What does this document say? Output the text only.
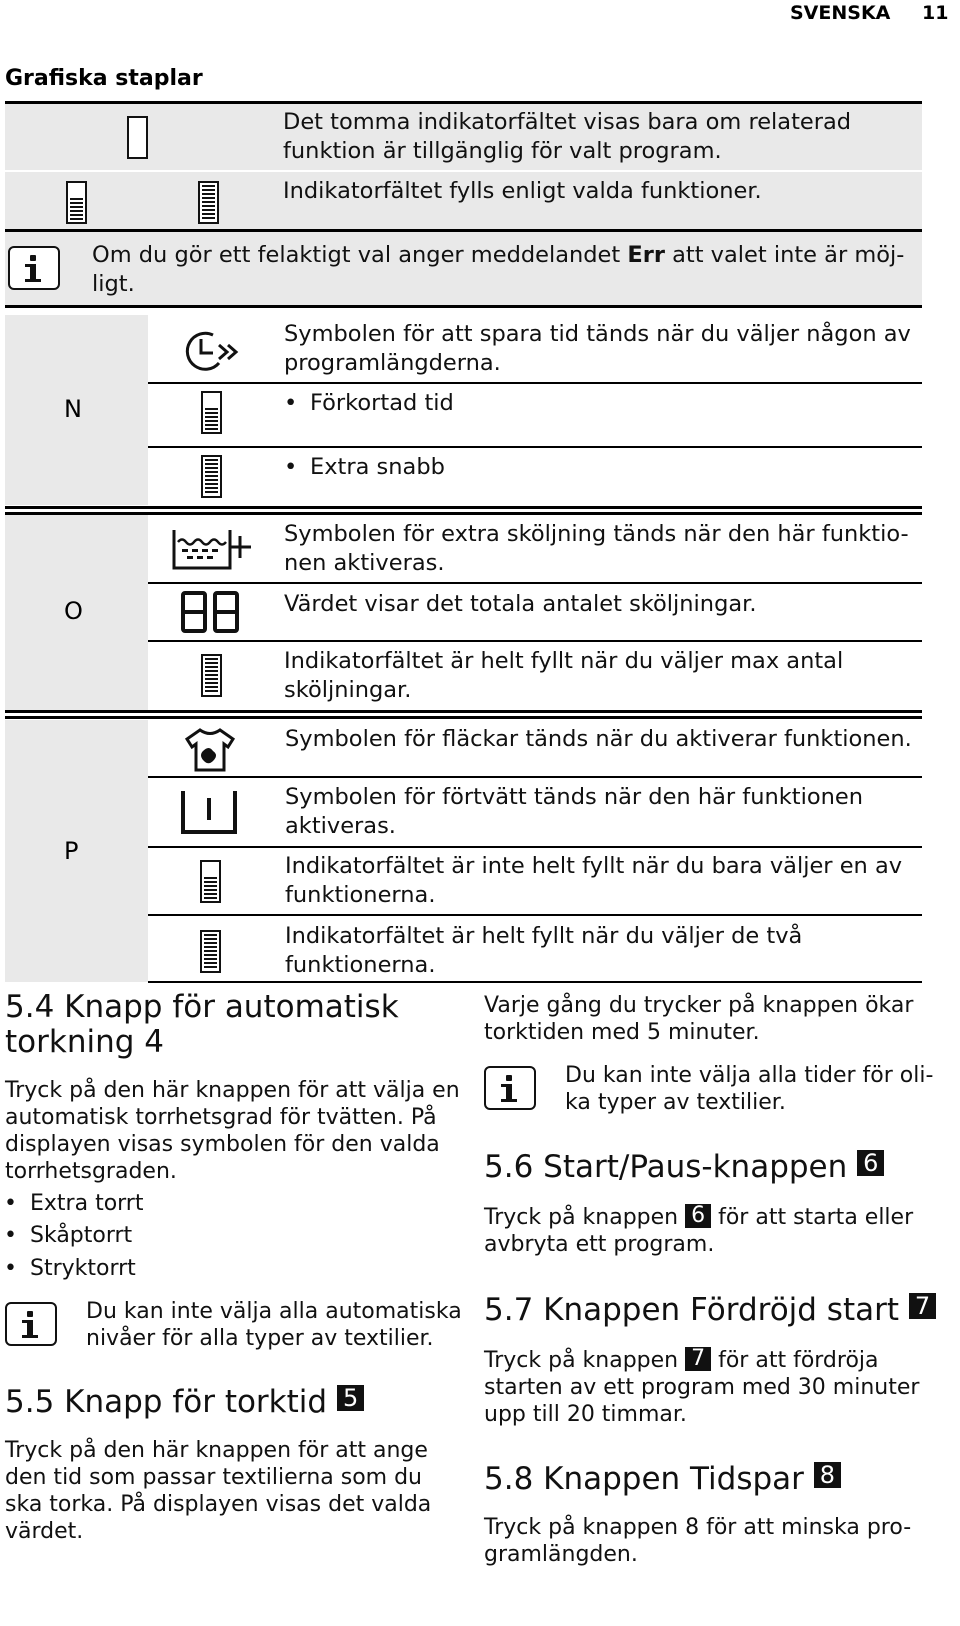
SVENSKA 11
Grafiska staplar
Det tomma indikatorfältet visas bara om relaterad funktion är tillgänglig för valt program.
Indikatorfältet fylls enligt valda funktioner.
Om du gör ett felaktigt val anger meddelandet Err att valet inte är möj-
ligt.
N
O
P
Symbolen för att spara tid tänds när du väljer någon av programlängderna.
• Förkortad tid
• Extra snabb
Symbolen för extra sköljning tänds när den här funktio-nen aktiveras.
Värdet visar det totala antalet sköljningar.
Indikatorfältet är helt fyllt när du väljer max antal sköljningar.
Symbolen för fläckar tänds när du aktiverar funktionen.
Symbolen för förtvätt tänds när den här funktionen aktiveras.
Indikatorfältet är inte helt fyllt när du bara väljer en av funktionerna.
Indikatorfältet är helt fyllt när du väljer de två funktionerna.
5.4 Knapp för automatisk
torkning 4
Tryck på den här knappen för att välja en
automatisk torrhetsgrad för tvätten. På
displayen visas symbolen för den valda
torrhetsgraden.
• Extra torrt
• Skåptorrt
• Stryktorrt
Du kan inte välja alla automatiska
nivåer för alla typer av textilier.
5.5 Knapp för torktid 5
Tryck på den här knappen för att ange
den tid som passar textilierna som du
ska torka. På displayen visas det valda
värdet.
Varje gång du trycker på knappen ökar
torktiden med 5 minuter.
Du kan inte välja alla tider för oli-
ka typer av textilier.
5.6 Start/Paus-knappen 6
Tryck på knappen 6 för att starta eller
avbryta ett program.
5.7 Knappen Fördröjd start 7
Tryck på knappen 7 för att fördröja
starten av ett program med 30 minuter
upp till 20 timmar.
5.8 Knappen Tidspar 8
Tryck på knappen 8 för att minska pro-
gramlängden.
